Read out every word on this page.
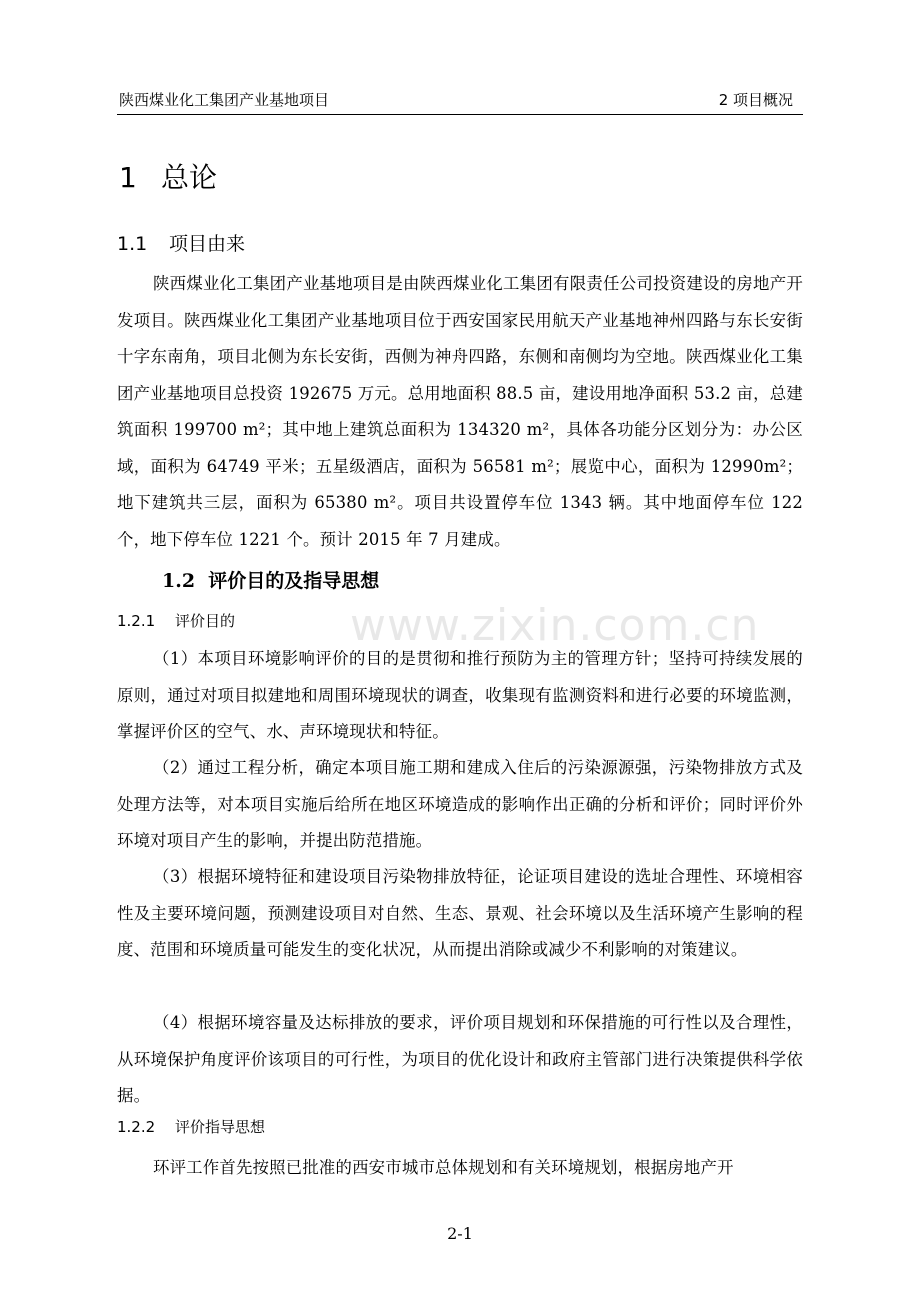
陕西煤业化工集团产业基地项目	2 项目概况
www.zixin.com.cn
1 总论
1.1 项目由来
陕西煤业化工集团产业基地项目是由陕西煤业化工集团有限责任公司投资建设的房地产开发项目。陕西煤业化工集团产业基地项目位于西安国家民用航天产业基地神州四路与东长安街十字东南角，项目北侧为东长安街，西侧为神舟四路，东侧和南侧均为空地。陕西煤业化工集团产业基地项目总投资 192675 万元。总用地面积 88.5 亩，建设用地净面积 53.2 亩，总建筑面积 199700 m²；其中地上建筑总面积为 134320 m²，具体各功能分区划分为：办公区域，面积为 64749 平米；五星级酒店，面积为 56581 m²；展览中心，面积为 12990m²；地下建筑共三层，面积为 65380 m²。项目共设置停车位 1343 辆。其中地面停车位 122 个，地下停车位 1221 个。预计 2015 年 7 月建成。
1.2 评价目的及指导思想
1.2.1 评价目的
（1）本项目环境影响评价的目的是贯彻和推行预防为主的管理方针；坚持可持续发展的原则，通过对项目拟建地和周围环境现状的调查，收集现有监测资料和进行必要的环境监测，掌握评价区的空气、水、声环境现状和特征。
（2）通过工程分析，确定本项目施工期和建成入住后的污染源源强，污染物排放方式及处理方法等，对本项目实施后给所在地区环境造成的影响作出正确的分析和评价；同时评价外环境对项目产生的影响，并提出防范措施。
（3）根据环境特征和建设项目污染物排放特征，论证项目建设的选址合理性、环境相容性及主要环境问题，预测建设项目对自然、生态、景观、社会环境以及生活环境产生影响的程度、范围和环境质量可能发生的变化状况，从而提出消除或减少不利影响的对策建议。
（4）根据环境容量及达标排放的要求，评价项目规划和环保措施的可行性以及合理性，从环境保护角度评价该项目的可行性，为项目的优化设计和政府主管部门进行决策提供科学依据。
1.2.2 评价指导思想
环评工作首先按照已批准的西安市城市总体规划和有关环境规划，根据房地产开
2-1
